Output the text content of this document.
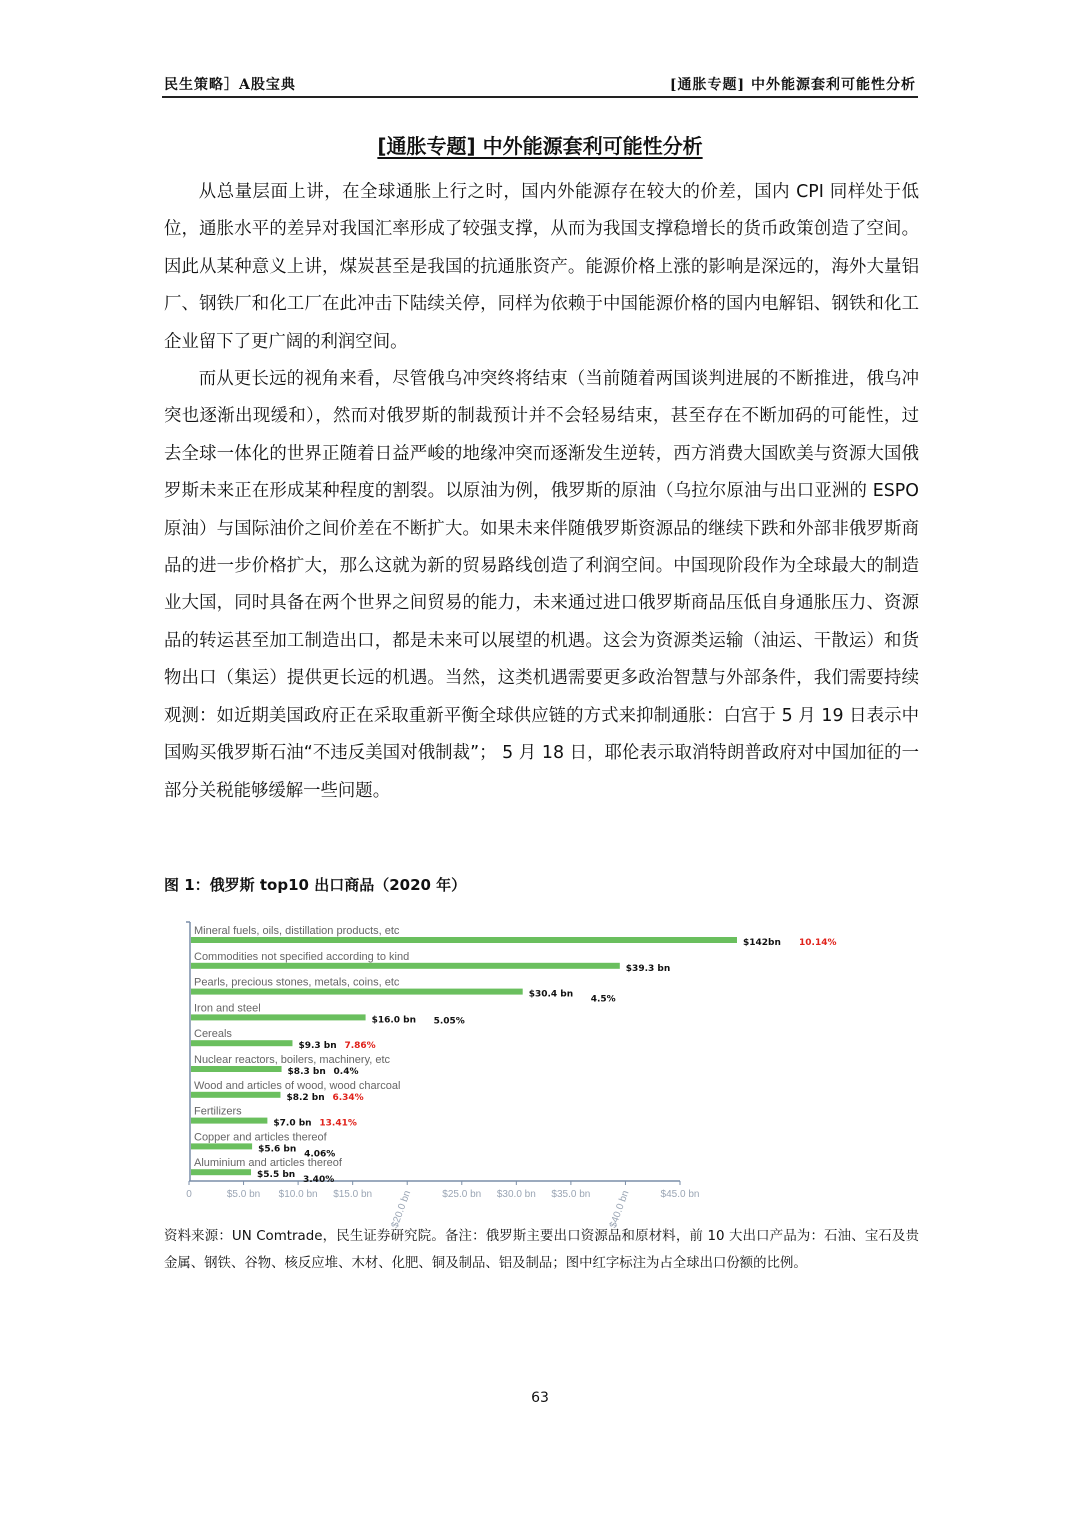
民生策略］A股宝典	[通胀专题] 中外能源套利可能性分析
[通胀专题] 中外能源套利可能性分析

从总量层面上讲，在全球通胀上行之时，国内外能源存在较大的价差，国内 CPI 同样处于低位，通胀水平的差异对我国汇率形成了较强支撑，从而为我国支撑稳增长的货币政策创造了空间。因此从某种意义上讲，煤炭甚至是我国的抗通胀资产。能源价格上涨的影响是深远的，海外大量铝厂、钢铁厂和化工厂在此冲击下陆续关停，同样为依赖于中国能源价格的国内电解铝、钢铁和化工企业留下了更广阔的利润空间。

而从更长远的视角来看，尽管俄乌冲突终将结束（当前随着两国谈判进展的不断推进，俄乌冲突也逐渐出现缓和），然而对俄罗斯的制裁预计并不会轻易结束，甚至存在不断加码的可能性，过去全球一体化的世界正随着日益严峻的地缘冲突而逐渐发生逆转，西方消费大国欧美与资源大国俄罗斯未来正在形成某种程度的割裂。以原油为例，俄罗斯的原油（乌拉尔原油与出口亚洲的 ESPO 原油）与国际油价之间价差在不断扩大。如果未来伴随俄罗斯资源品的继续下跌和外部非俄罗斯商品的进一步价格扩大，那么这就为新的贸易路线创造了利润空间。中国现阶段作为全球最大的制造业大国，同时具备在两个世界之间贸易的能力，未来通过进口俄罗斯商品压低自身通胀压力、资源品的转运甚至加工制造出口，都是未来可以展望的机遇。这会为资源类运输（油运、干散运）和货物出口（集运）提供更长远的机遇。当然，这类机遇需要更多政治智慧与外部条件，我们需要持续观测：如近期美国政府正在采取重新平衡全球供应链的方式来抑制通胀：白宫于 5 月 19 日表示中国购买俄罗斯石油“不违反美国对俄制裁”； 5 月 18 日，耶伦表示取消特朗普政府对中国加征的一部分关税能够缓解一些问题。

图 1：俄罗斯 top10 出口商品（2020 年）
0	$5.0 bn $10.0 bn $15.0 bn $20.0 bn	$25.0 bn $30.0 bn $35.0 bn $40.0 bn	$45.0 bn
Mineral fuels, oils, distillation products, etc
$142bn 10.14%
Commodities not specified according to kind
$39.3 bn
Pearls, precious stones, metals, coins, etc
$30.4 bn 4.5%
Iron and steel
$16.0 bn 5.05%
Cereals
$9.3 bn 7.86%
Nuclear reactors, boilers, machinery, etc
$8.3 bn 0.4%
Wood and articles of wood, wood charcoal
$8.2 bn 6.34%
Fertilizers
$7.0 bn 13.41%
Copper and articles thereof
$5.6 bn 4.06%
Aluminium and articles thereof
$5.5 bn 3.40%
资料来源：UN Comtrade，民生证券研究院。备注：俄罗斯主要出口资源品和原材料，前 10 大出口产品为：石油、宝石及贵金属、钢铁、谷物、核反应堆、木材、化肥、铜及制品、铝及制品；图中红字标注为占全球出口份额的比例。
63
